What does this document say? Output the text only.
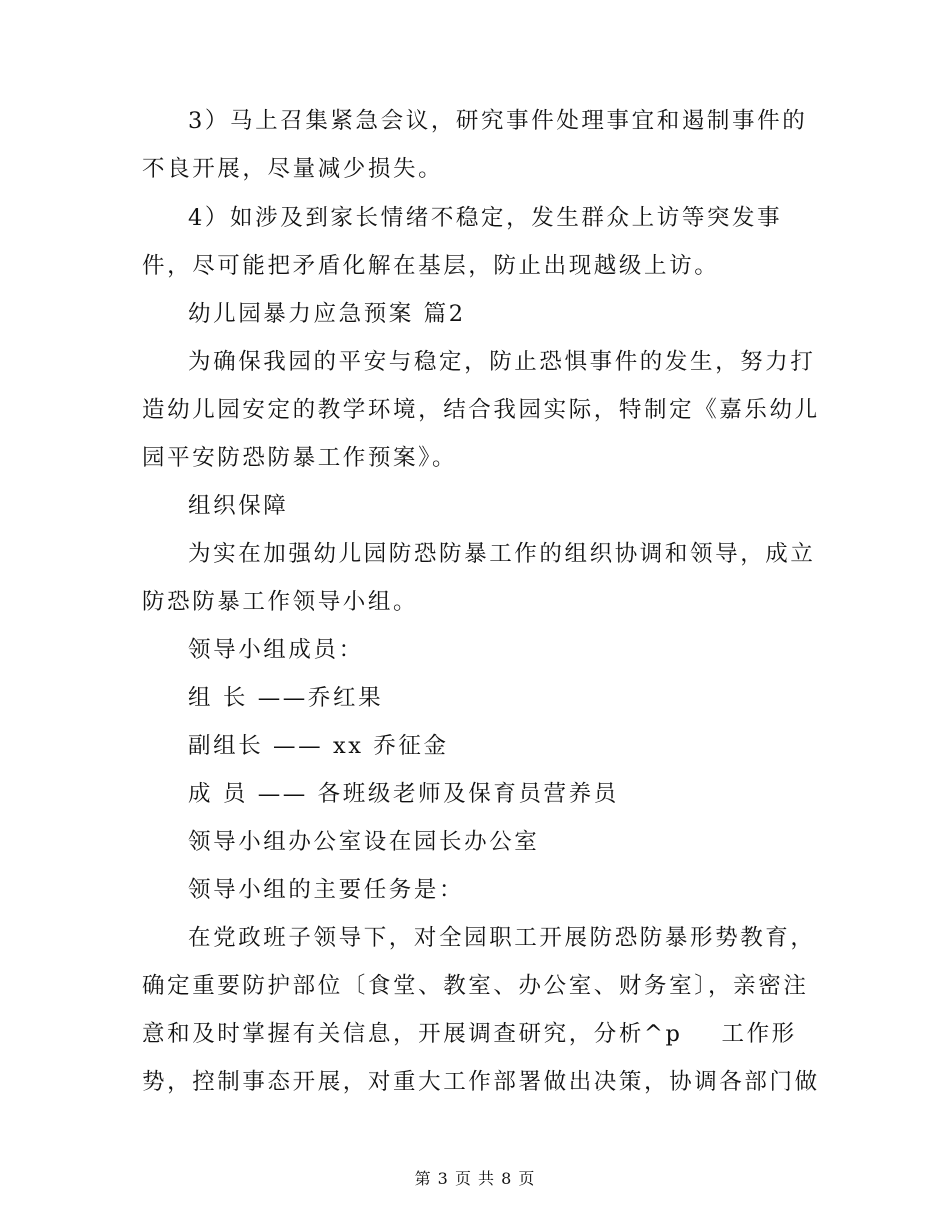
3）马上召集紧急会议，研究事件处理事宜和遏制事件的
不良开展，尽量减少损失。
4）如涉及到家长情绪不稳定，发生群众上访等突发事
件，尽可能把矛盾化解在基层，防止出现越级上访。
幼儿园暴力应急预案 篇2
为确保我园的平安与稳定，防止恐惧事件的发生，努力打
造幼儿园安定的教学环境，结合我园实际，特制定《嘉乐幼儿
园平安防恐防暴工作预案》。
组织保障
为实在加强幼儿园防恐防暴工作的组织协调和领导，成立
防恐防暴工作领导小组。
领导小组成员：
组 长 ——乔红果
副组长 —— xx 乔征金
成 员 —— 各班级老师及保育员营养员
领导小组办公室设在园长办公室
领导小组的主要任务是：
在党政班子领导下，对全园职工开展防恐防暴形势教育，
确定重要防护部位〔食堂、教室、办公室、财务室〕，亲密注
意和及时掌握有关信息，开展调查研究，分析^p    工作形
势，控制事态开展，对重大工作部署做出决策，协调各部门做
第 3 页 共 8 页
